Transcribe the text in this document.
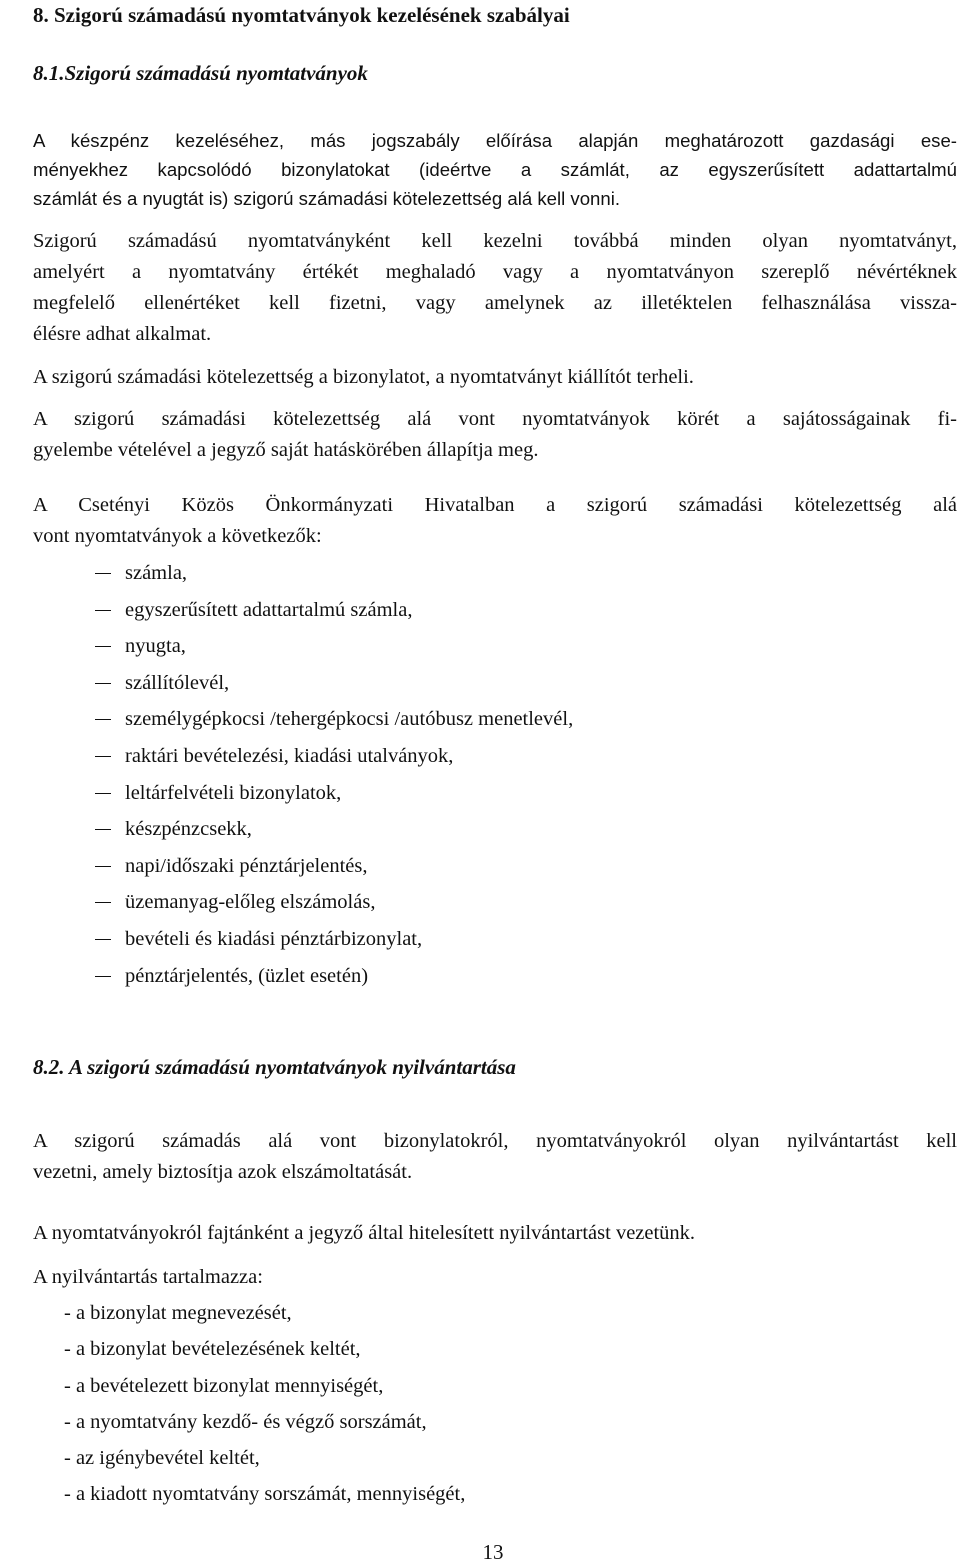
8. Szigorú számadású nyomtatványok kezelésének szabályai
8.1.Szigorú számadású nyomtatványok

A készpénz kezeléséhez, más jogszabály előírása alapján meghatározott gazdasági ese-
ményekhez kapcsolódó bizonylatokat (ideértve a számlát, az egyszerűsített adattartalmú
számlát és a nyugtát is) szigorú számadási kötelezettség alá kell vonni.

Szigorú számadású nyomtatványként kell kezelni továbbá minden olyan nyomtatványt,
amelyért a nyomtatvány értékét meghaladó vagy a nyomtatványon szereplő névértéknek
megfelelő ellenértéket kell fizetni, vagy amelynek az illetéktelen felhasználása vissza-
élésre adhat alkalmat.

A szigorú számadási kötelezettség a bizonylatot, a nyomtatványt kiállítót terheli.

A szigorú számadási kötelezettség alá vont nyomtatványok körét a sajátosságainak fi-
gyelembe vételével a jegyző saját hatáskörében állapítja meg.

A Csetényi Közös Önkormányzati Hivatalban a szigorú számadási kötelezettség alá
vont nyomtatványok a következők:

számla,
egyszerűsített adattartalmú számla,
nyugta,
szállítólevél,
személygépkocsi /tehergépkocsi /autóbusz menetlevél,
raktári bevételezési, kiadási utalványok,
leltárfelvételi bizonylatok,
készpénzcsekk,
napi/időszaki pénztárjelentés,
üzemanyag-előleg elszámolás,
bevételi és kiadási pénztárbizonylat,
pénztárjelentés, (üzlet esetén)
8.2. A szigorú számadású nyomtatványok nyilvántartása

A szigorú számadás alá vont bizonylatokról, nyomtatványokról olyan nyilvántartást kell
vezetni, amely biztosítja azok elszámoltatását.

A nyomtatványokról fajtánként a jegyző által hitelesített nyilvántartást vezetünk.

A nyilvántartás tartalmazza:

- a bizonylat megnevezését,
- a bizonylat bevételezésének keltét,
- a bevételezett bizonylat mennyiségét,
- a nyomtatvány kezdő- és végző sorszámát,
- az igénybevétel keltét,
- a kiadott nyomtatvány sorszámát, mennyiségét,
13
